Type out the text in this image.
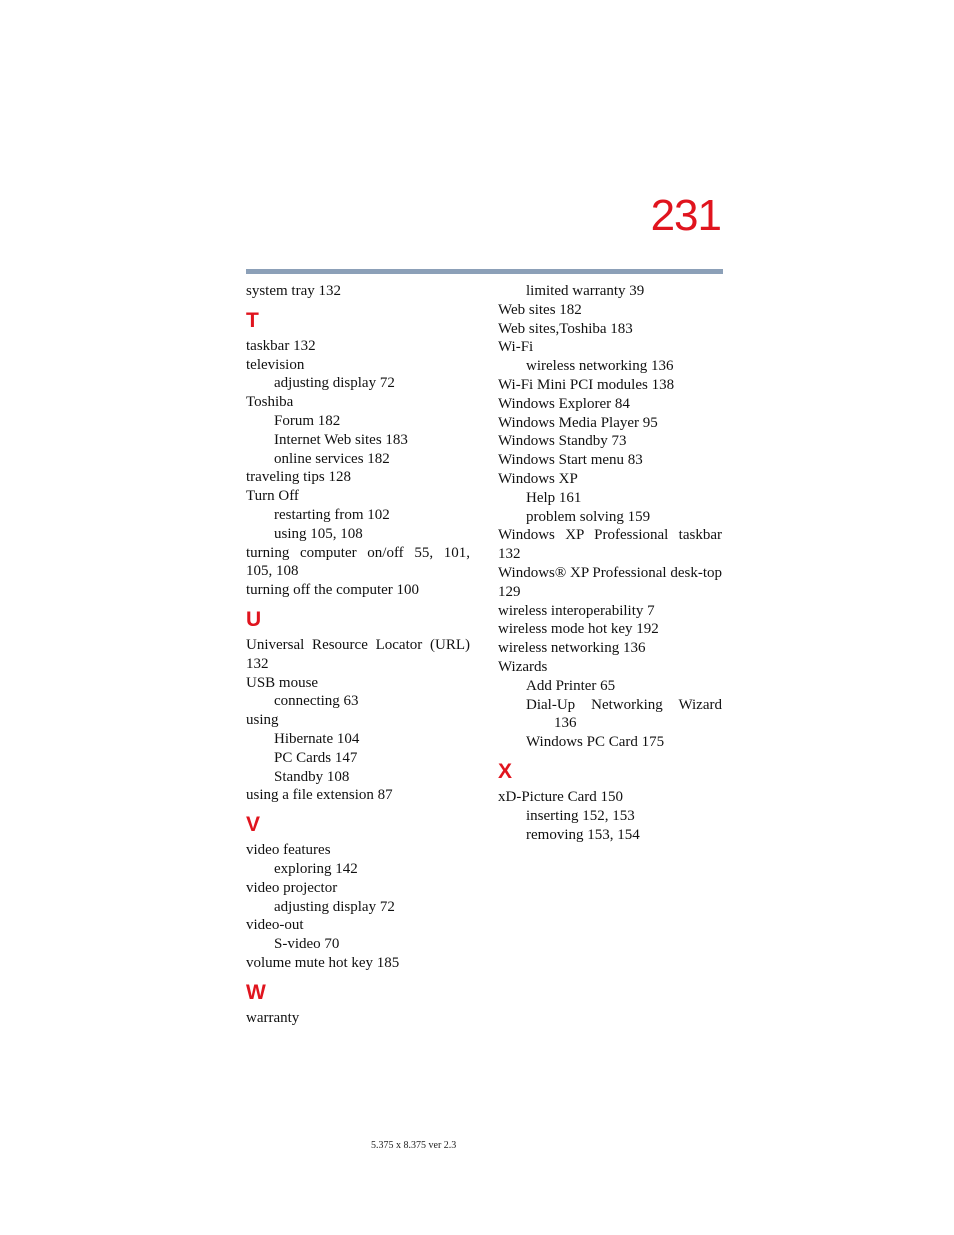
231
system tray 132
T
taskbar 132
television
adjusting display 72
Toshiba
Forum 182
Internet Web sites 183
online services 182
traveling tips 128
Turn Off
restarting from 102
using 105, 108
turning computer on/off 55, 101, 105, 108
turning off the computer 100
U
Universal Resource Locator (URL) 132
USB mouse
connecting 63
using
Hibernate 104
PC Cards 147
Standby 108
using a file extension 87
V
video features
exploring 142
video projector
adjusting display 72
video-out
S-video 70
volume mute hot key 185
W
warranty
limited warranty 39
Web sites 182
Web sites,Toshiba 183
Wi-Fi
wireless networking 136
Wi-Fi Mini PCI modules 138
Windows Explorer 84
Windows Media Player 95
Windows Standby 73
Windows Start menu 83
Windows XP
Help 161
problem solving 159
Windows XP Professional taskbar 132
Windows® XP Professional desk-top 129
wireless interoperability 7
wireless mode hot key 192
wireless networking 136
Wizards
Add Printer 65
Dial-Up Networking Wizard
136
Windows PC Card 175
X
xD-Picture Card 150
inserting 152, 153
removing 153, 154
5.375 x 8.375 ver 2.3
